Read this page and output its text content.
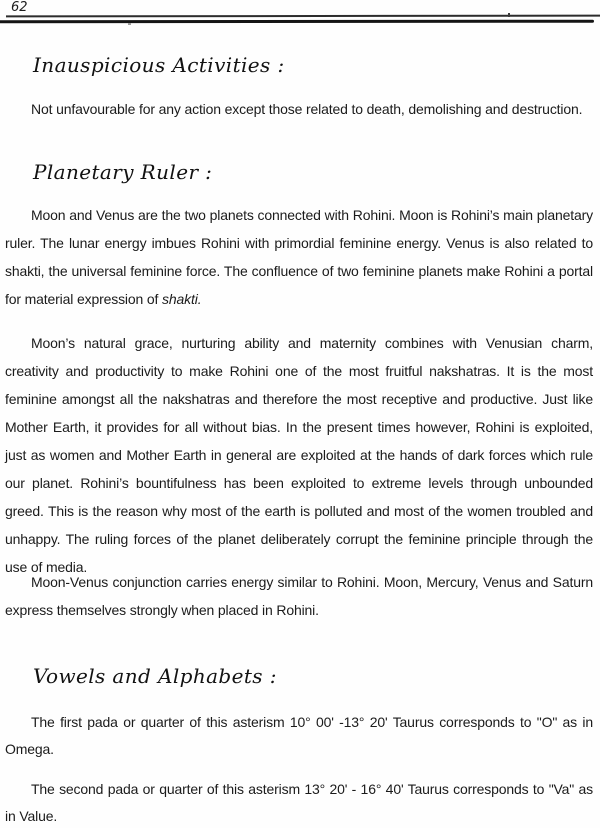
62
Inauspicious Activities :

Not unfavourable for any action except those related to death, demolishing and destruction.

Planetary Ruler :

Moon and Venus are the two planets connected with Rohini. Moon is Rohini’s main planetary ruler. The lunar energy imbues Rohini with primordial feminine energy. Venus is also related to shakti, the universal feminine force. The confluence of two feminine planets make Rohini a portal for material expression of shakti.

Moon’s natural grace, nurturing ability and maternity combines with Venusian charm, creativity and productivity to make Rohini one of the most fruitful nakshatras. It is the most feminine amongst all the nakshatras and therefore the most receptive and productive. Just like Mother Earth, it provides for all without bias. In the present times however, Rohini is exploited, just as women and Mother Earth in general are exploited at the hands of dark forces which rule our planet. Rohini’s bountifulness has been exploited to extreme levels through unbounded greed. This is the reason why most of the earth is polluted and most of the women troubled and unhappy. The ruling forces of the planet deliberately corrupt the feminine principle through the use of media.

Moon-Venus conjunction carries energy similar to Rohini. Moon, Mercury, Venus and Saturn express themselves strongly when placed in Rohini.

Vowels and Alphabets :

The first pada or quarter of this asterism 10° 00' -13° 20' Taurus corresponds to "O" as in Omega.

The second pada or quarter of this asterism 13° 20' - 16° 40' Taurus corresponds to "Va" as in Value.
